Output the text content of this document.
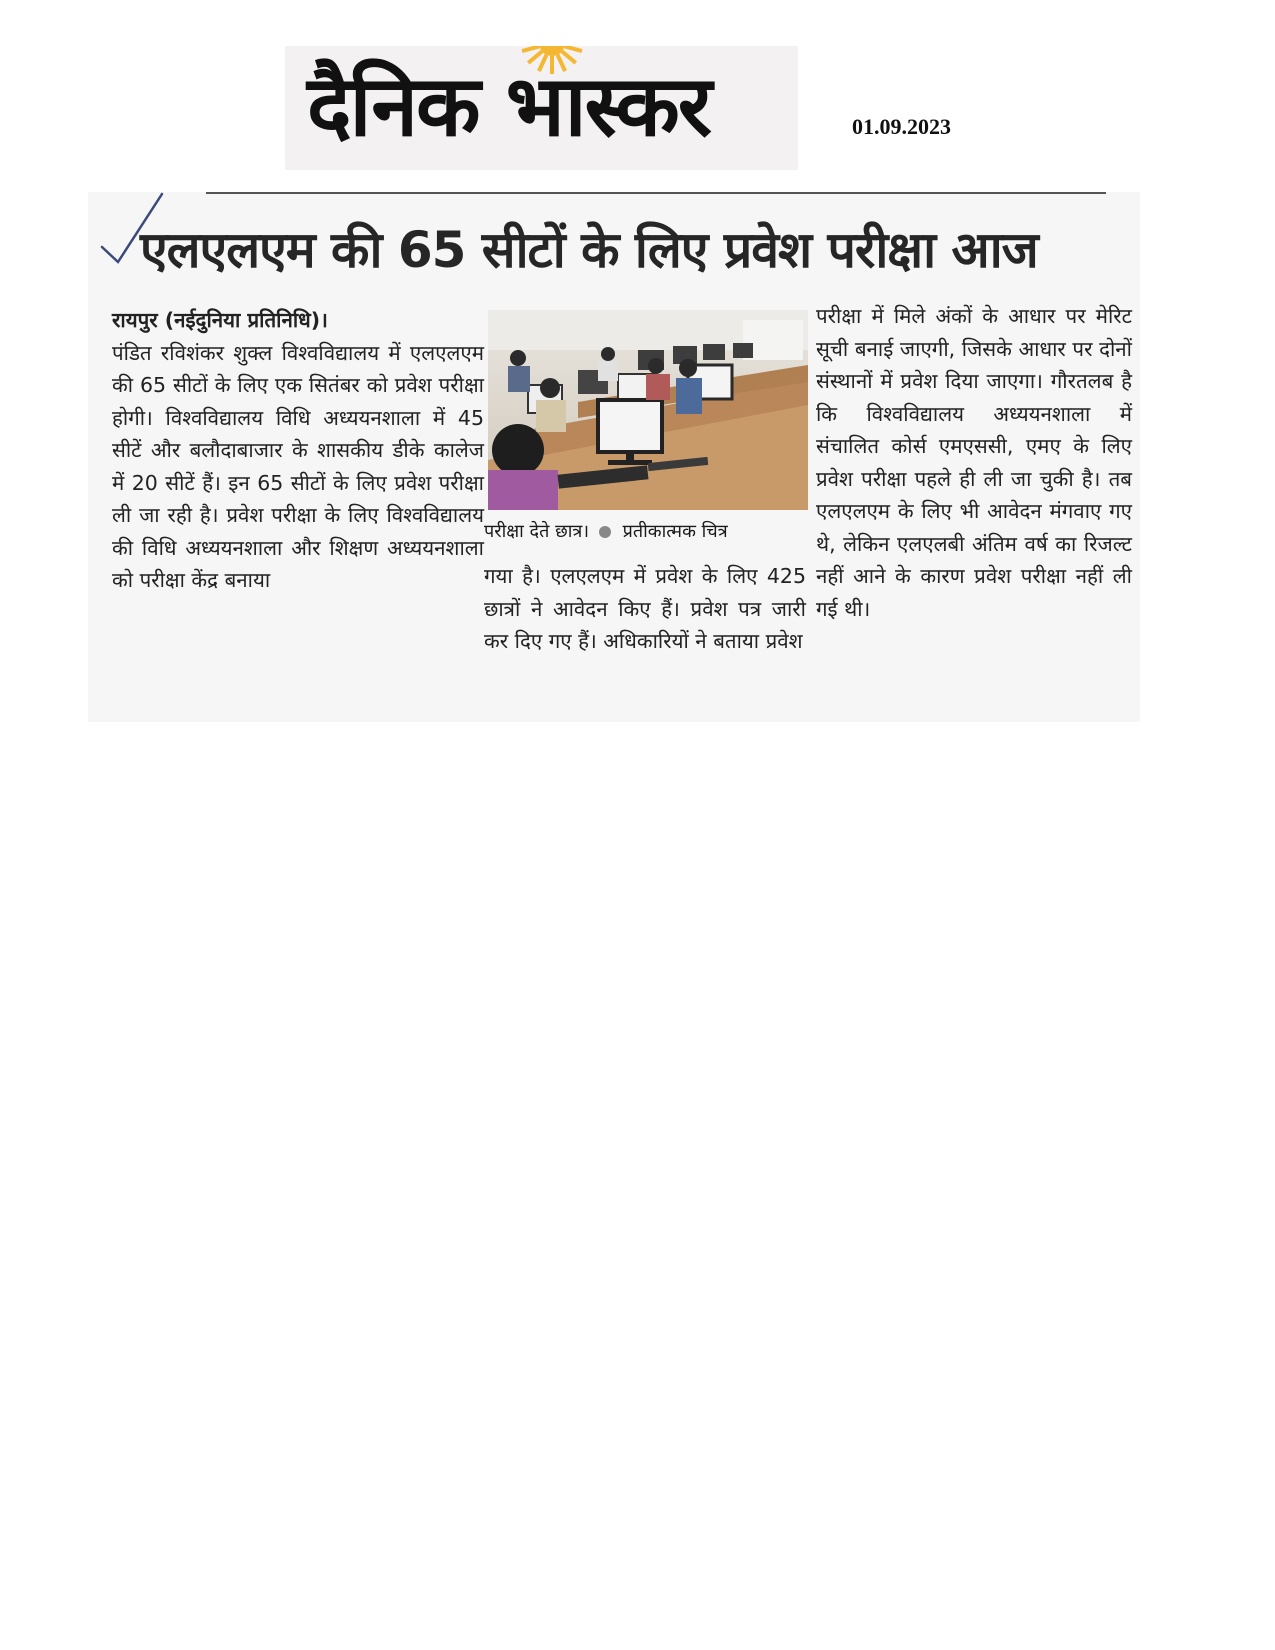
दैनिक भास्कर	01.09.2023
एलएलएम की 65 सीटों के लिए प्रवेश परीक्षा आज
रायपुर (नईदुनिया प्रतिनिधि)।
पंडित रविशंकर शुक्ल विश्वविद्यालय में एलएलएम की 65 सीटों के लिए एक सितंबर को प्रवेश परीक्षा होगी। विश्वविद्यालय विधि अध्ययनशाला में 45 सीटें और बलौदाबाजार के शासकीय डीके कालेज में 20 सीटें हैं। इन 65 सीटों के लिए प्रवेश परीक्षा ली जा रही है। प्रवेश परीक्षा के लिए विश्वविद्यालय की विधि अध्ययनशाला और शिक्षण अध्ययनशाला को परीक्षा केंद्र बनाया
परीक्षा देते छात्र। प्रतीकात्मक चित्र
गया है। एलएलएम में प्रवेश के लिए 425 छात्रों ने आवेदन किए हैं। प्रवेश पत्र जारी कर दिए गए हैं। अधिकारियों ने बताया प्रवेश
परीक्षा में मिले अंकों के आधार पर मेरिट सूची बनाई जाएगी, जिसके आधार पर दोनों संस्थानों में प्रवेश दिया जाएगा। गौरतलब है कि विश्वविद्यालय अध्ययनशाला में संचालित कोर्स एमएससी, एमए के लिए प्रवेश परीक्षा पहले ही ली जा चुकी है। तब एलएलएम के लिए भी आवेदन मंगवाए गए थे, लेकिन एलएलबी अंतिम वर्ष का रिजल्ट नहीं आने के कारण प्रवेश परीक्षा नहीं ली गई थी।
